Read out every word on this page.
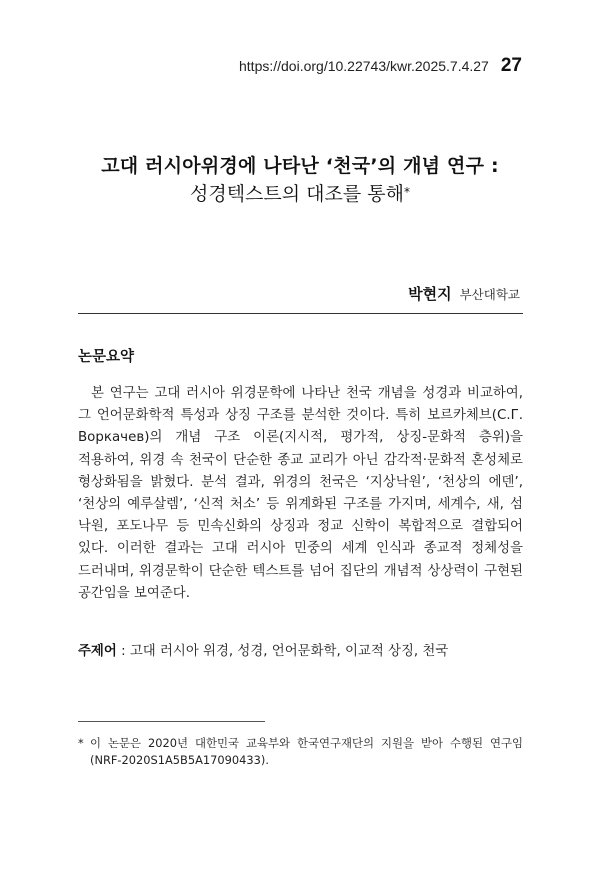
https://doi.org/10.22743/kwr.2025.7.4.27 27
고대 러시아위경에 나타난 ‘천국’의 개념 연구 :
성경텍스트의 대조를 통해*
박현지 부산대학교
논문요약

본 연구는 고대 러시아 위경문학에 나타난 천국 개념을 성경과 비교하여, 그 언어문화학적 특성과 상징 구조를 분석한 것이다. 특히 보르카체브(С.Г. Воркачев)의 개념 구조 이론(지시적, 평가적, 상징-문화적 층위)을 적용하여, 위경 속 천국이 단순한 종교 교리가 아닌 감각적·문화적 혼성체로 형상화됨을 밝혔다. 분석 결과, 위경의 천국은 ‘지상낙원’, ‘천상의 에덴’, ‘천상의 예루살렘’, ‘신적 처소’ 등 위계화된 구조를 가지며, 세계수, 새, 섬 낙원, 포도나무 등 민속신화의 상징과 정교 신학이 복합적으로 결합되어 있다. 이러한 결과는 고대 러시아 민중의 세계 인식과 종교적 정체성을 드러내며, 위경문학이 단순한 텍스트를 넘어 집단의 개념적 상상력이 구현된 공간임을 보여준다.

주제어 : 고대 러시아 위경, 성경, 언어문화학, 이교적 상징, 천국
* 이 논문은 2020년 대한민국 교육부와 한국연구재단의 지원을 받아 수행된 연구임 (NRF-2020S1A5B5A17090433).
